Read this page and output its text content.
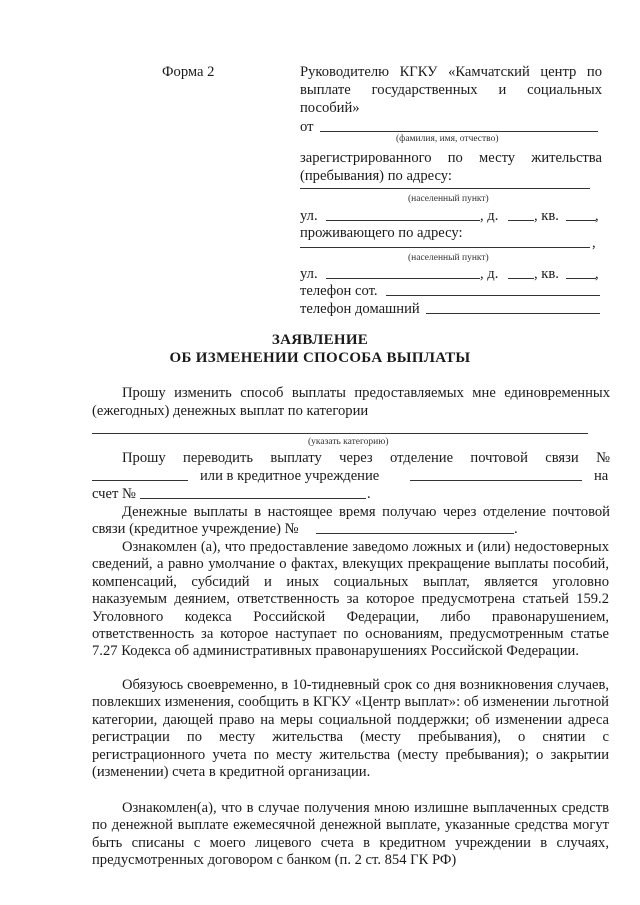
Форма 2	Руководителю КГКУ «Камчатский центр по
выплате государственных и социальных
пособий»
от
(фамилия, имя, отчество)
зарегистрированного по месту жительства
(пребывания) по адресу:
(населенный пункт)
ул.	, д. , кв. ,
проживающего по адресу:
,
(населенный пункт)
ул.	, д. , кв. ,
телефон сот.
телефон домашний
ЗАЯВЛЕНИЕ
ОБ ИЗМЕНЕНИИ СПОСОБА ВЫПЛАТЫ
Прошу изменить способ выплаты предоставляемых мне единовременных
(ежегодных) денежных выплат по категории
(указать категорию)
Прошу переводить выплату через отделение почтовой связи №
или в кредитное учреждение	на
счет №	.
Денежные выплаты в настоящее время получаю через отделение почтовой
связи (кредитное учреждение) №	.
Ознакомлен (а), что предоставление заведомо ложных и (или) недостоверных сведений, а равно умолчание о фактах, влекущих прекращение выплаты пособий, компенсаций, субсидий и иных социальных выплат, является уголовно наказуемым деянием, ответственность за которое предусмотрена статьей 159.2 Уголовного кодекса Российской Федерации, либо правонарушением, ответственность за которое наступает по основаниям, предусмотренным статье 7.27 Кодекса об административных правонарушениях Российской Федерации.
Обязуюсь своевременно, в 10-тидневный срок со дня возникновения случаев, повлекших изменения, сообщить в КГКУ «Центр выплат»: об изменении льготной категории, дающей право на меры социальной поддержки; об изменении адреса регистрации по месту жительства (месту пребывания), о снятии с регистрационного учета по месту жительства (месту пребывания); о закрытии (изменении) счета в кредитной организации.
Ознакомлен(а), что в случае получения мною излишне выплаченных средств по денежной выплате ежемесячной денежной выплате, указанные средства могут быть списаны с моего лицевого счета в кредитном учреждении в случаях, предусмотренных договором с банком (п. 2 ст. 854 ГК РФ)
